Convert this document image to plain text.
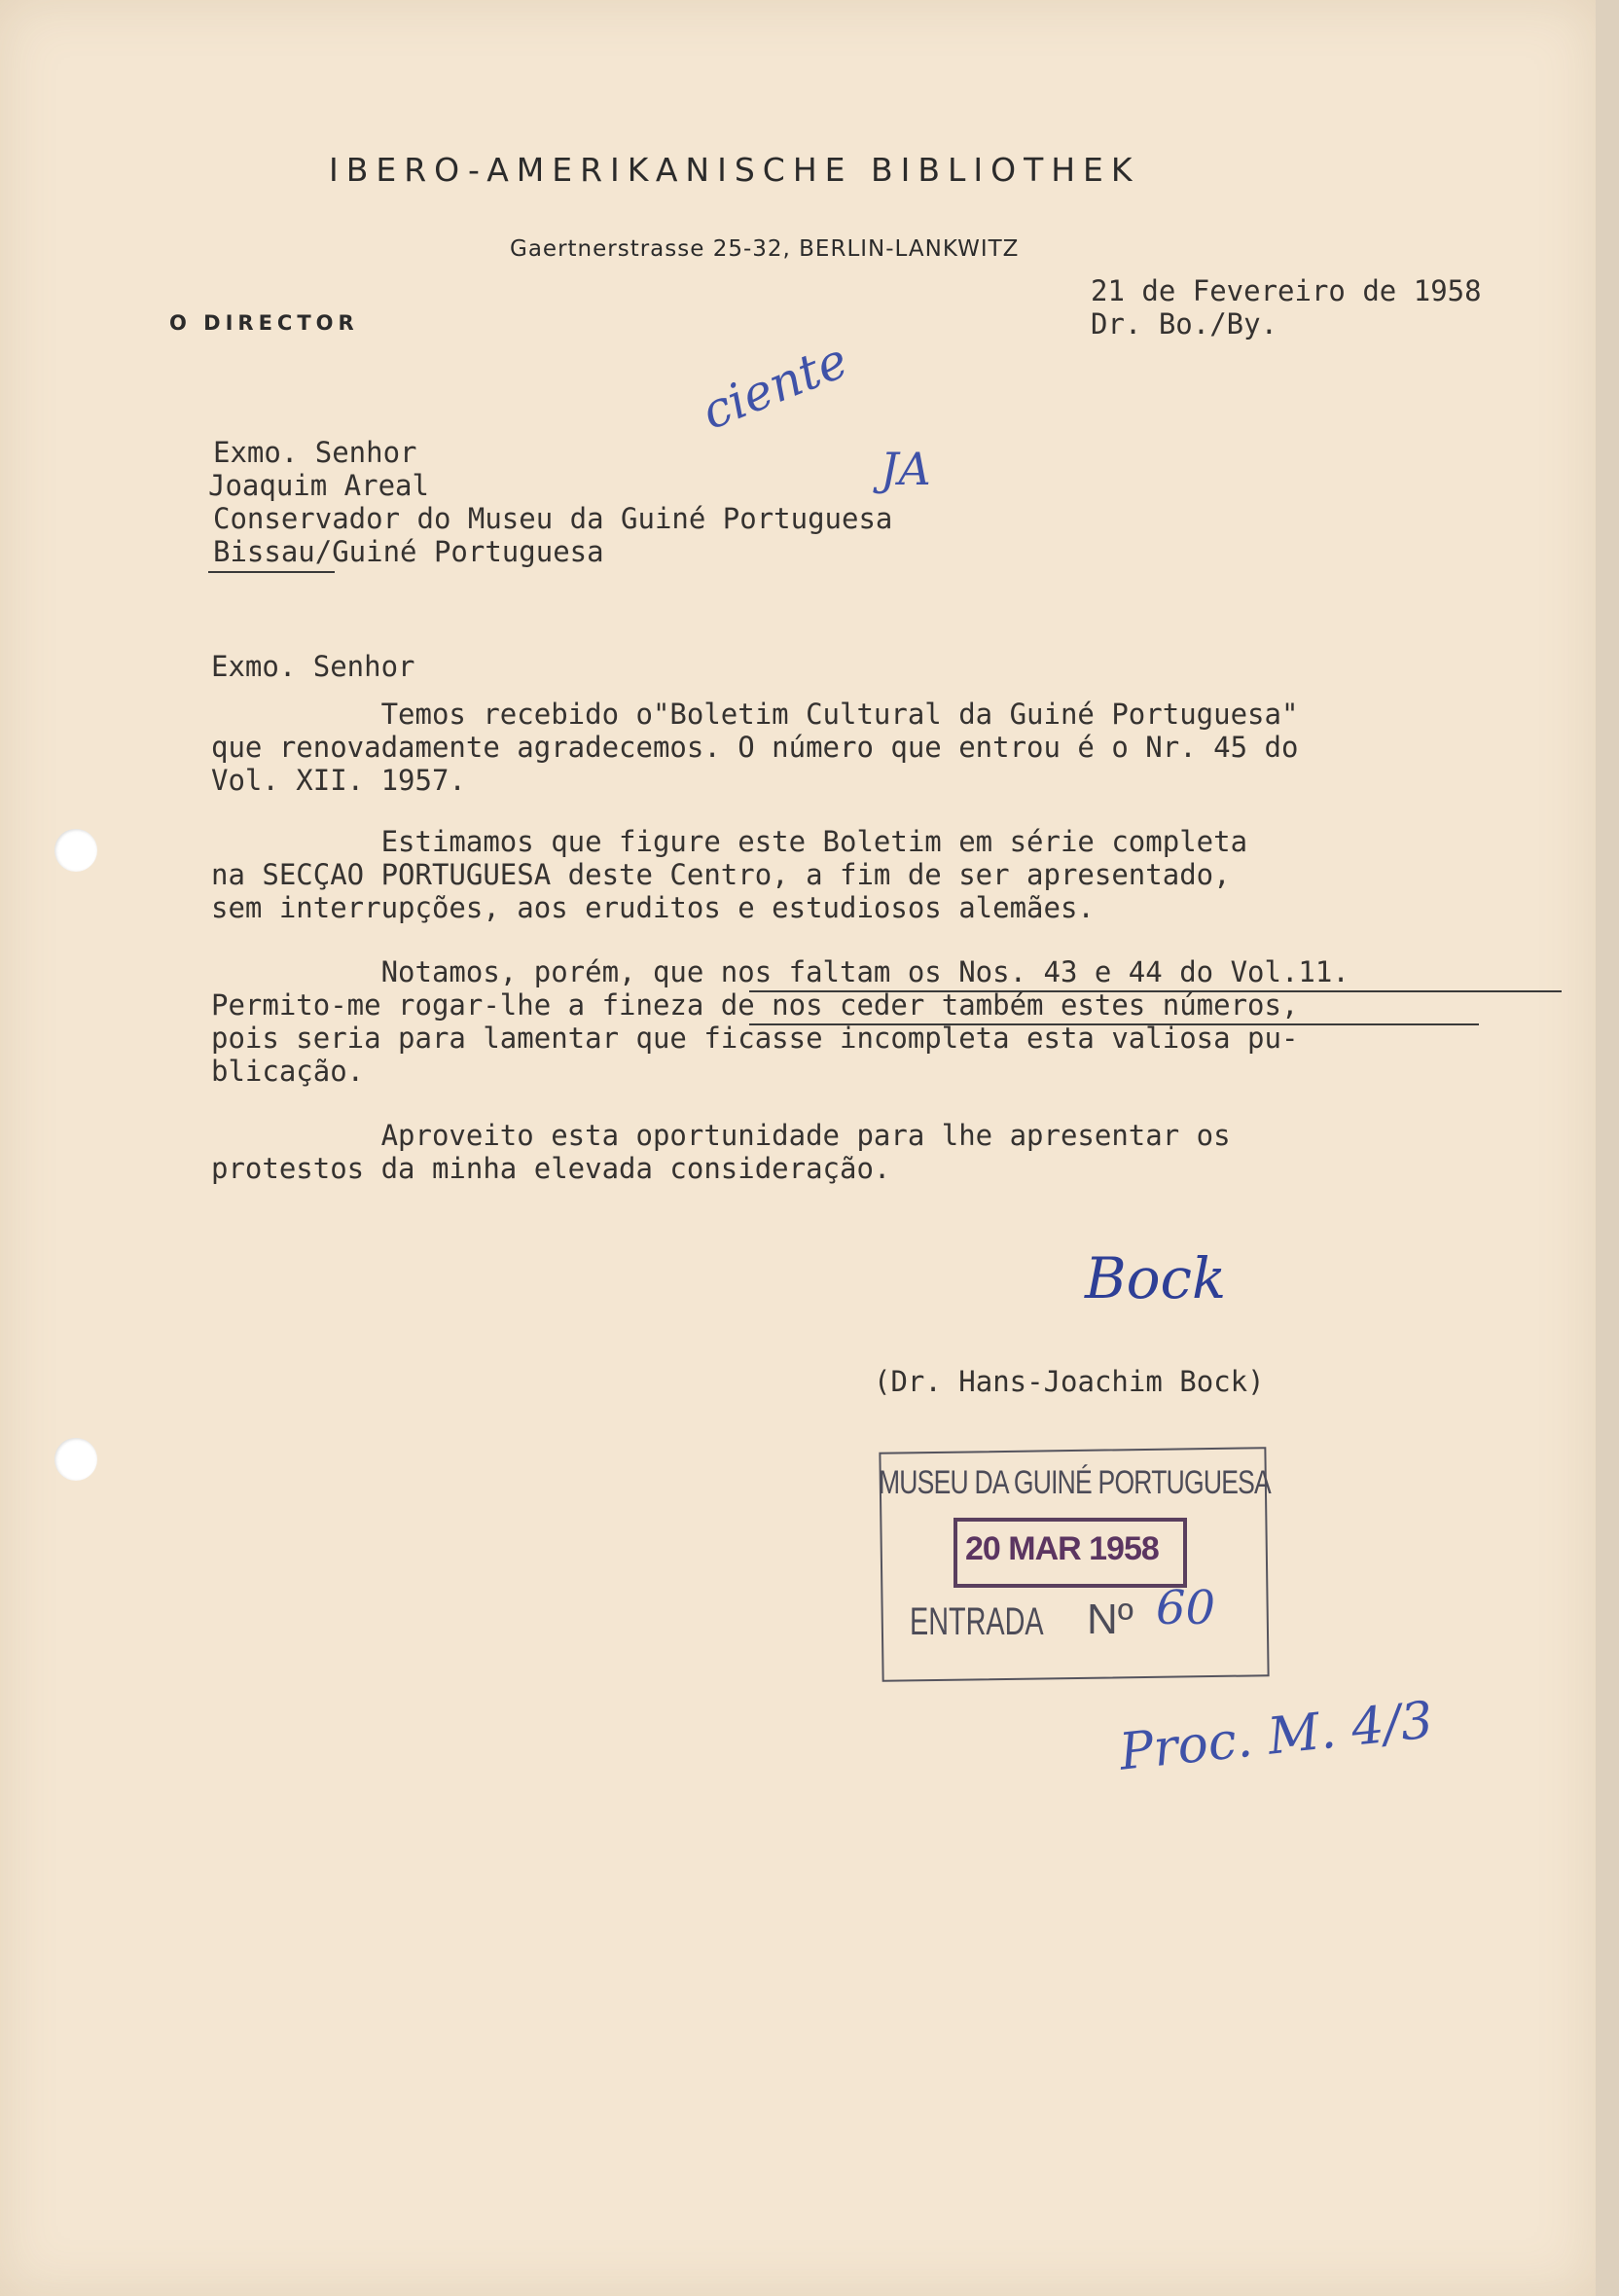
IBERO-AMERIKANISCHE BIBLIOTHEK
Gaertnerstrasse 25-32, BERLIN-LANKWITZ
O DIRECTOR
21 de Fevereiro de 1958
Dr. Bo./By.
Exmo. Senhor
Joaquim Areal
Conservador do Museu da Guiné Portuguesa
Bissau/Guiné Portuguesa
Exmo. Senhor
Temos recebido o"Boletim Cultural da Guiné Portuguesa"
que renovadamente agradecemos. O número que entrou é o Nr. 45 do
Vol. XII. 1957.
Estimamos que figure este Boletim em série completa
na SECÇAO PORTUGUESA deste Centro, a fim de ser apresentado,
sem interrupções, aos eruditos e estudiosos alemães.
Notamos, porém, que nos faltam os Nos. 43 e 44 do Vol.11.
Permito-me rogar-lhe a fineza de nos ceder também estes números,
pois seria para lamentar que ficasse incompleta esta valiosa pu-
blicação.
Aproveito esta oportunidade para lhe apresentar os
protestos da minha elevada consideração.
Bock
(Dr. Hans-Joachim Bock)
ciente
JA
Proc. M. 4/3
MUSEU DA GUINÉ PORTUGUESA
20 MAR 1958
ENTRADA Nº 60
